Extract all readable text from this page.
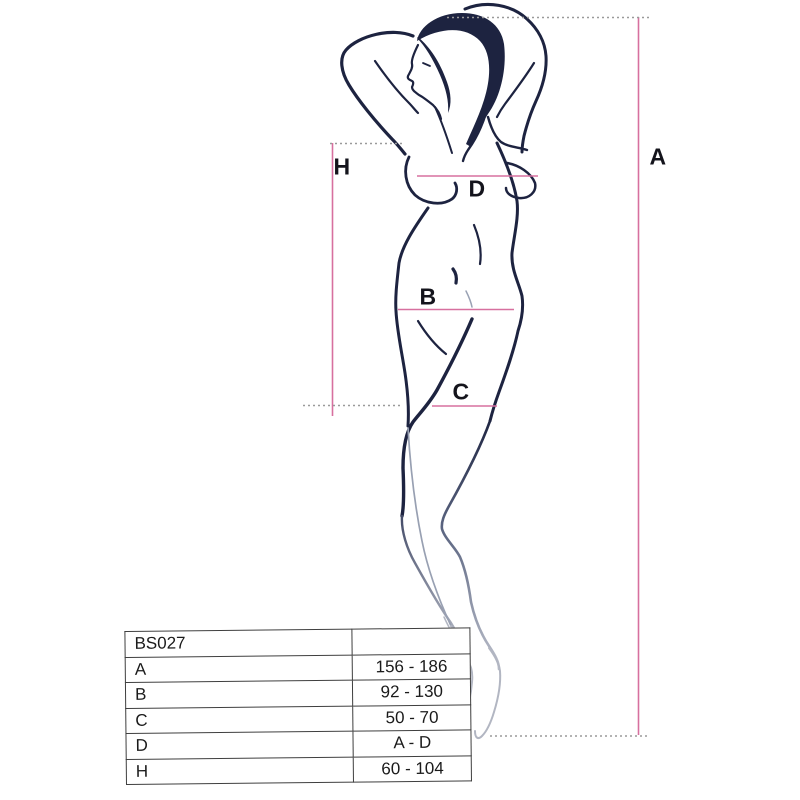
A
H
D
B
C
BS027	
A	156 - 186
B	92 - 130
C	50 - 70
D	A - D
H	60 - 104
